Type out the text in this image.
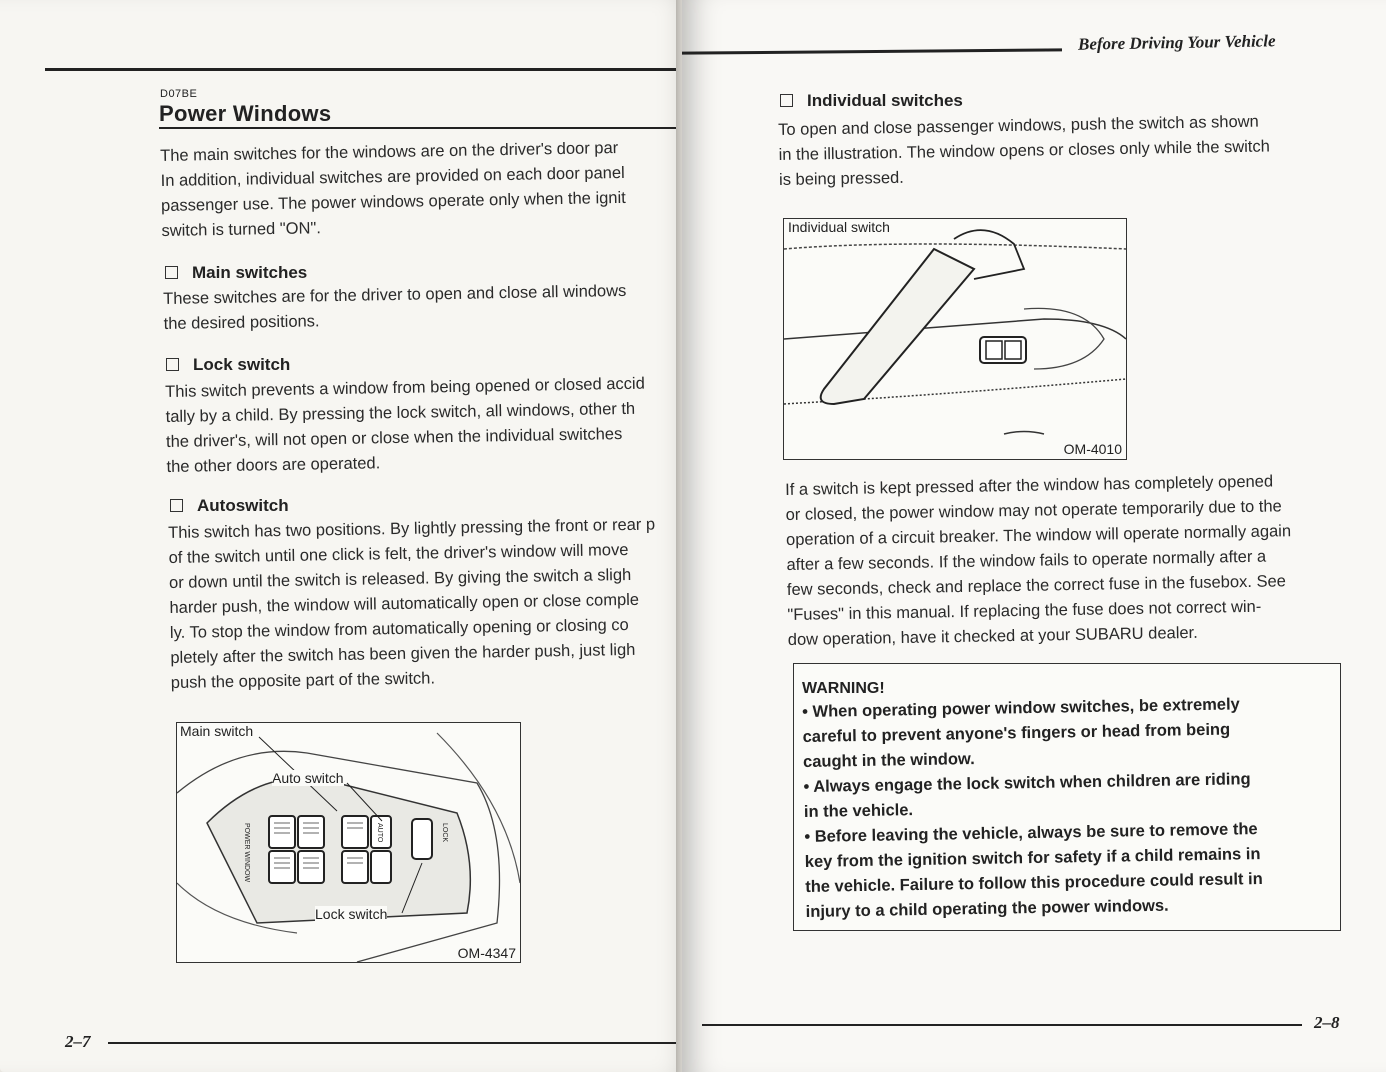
D07BE
Power Windows
The main switches for the windows are on the driver's door par
In addition, individual switches are provided on each door panel
passenger use. The power windows operate only when the ignit
switch is turned "ON".
Main switches
These switches are for the driver to open and close all windows
the desired positions.
Lock switch
This switch prevents a window from being opened or closed accid
tally by a child. By pressing the lock switch, all windows, other th
the driver's, will not open or close when the individual switches
the other doors are operated.
Autoswitch
This switch has two positions. By lightly pressing the front or rear p
of the switch until one click is felt, the driver's window will move
or down until the switch is released. By giving the switch a sligh
harder push, the window will automatically open or close comple
ly. To stop the window from automatically opening or closing co
pletely after the switch has been given the harder push, just ligh
push the opposite part of the switch.
Main switch
Auto switch
Lock switch
POWER WINDOW	AUTO	LOCK
OM-4347
2–7
Before Driving Your Vehicle
Individual switches
To open and close passenger windows, push the switch as shown
in the illustration. The window opens or closes only while the switch
is being pressed.
Individual switch
OM-4010
If a switch is kept pressed after the window has completely opened
or closed, the power window may not operate temporarily due to the
operation of a circuit breaker. The window will operate normally again
after a few seconds. If the window fails to operate normally after a
few seconds, check and replace the correct fuse in the fusebox. See
"Fuses" in this manual. If replacing the fuse does not correct win-
dow operation, have it checked at your SUBARU dealer.
WARNING!
• When operating power window switches, be extremely
careful to prevent anyone's fingers or head from being
caught in the window.
• Always engage the lock switch when children are riding
in the vehicle.
• Before leaving the vehicle, always be sure to remove the
key from the ignition switch for safety if a child remains in
the vehicle. Failure to follow this procedure could result in
injury to a child operating the power windows.
2–8
